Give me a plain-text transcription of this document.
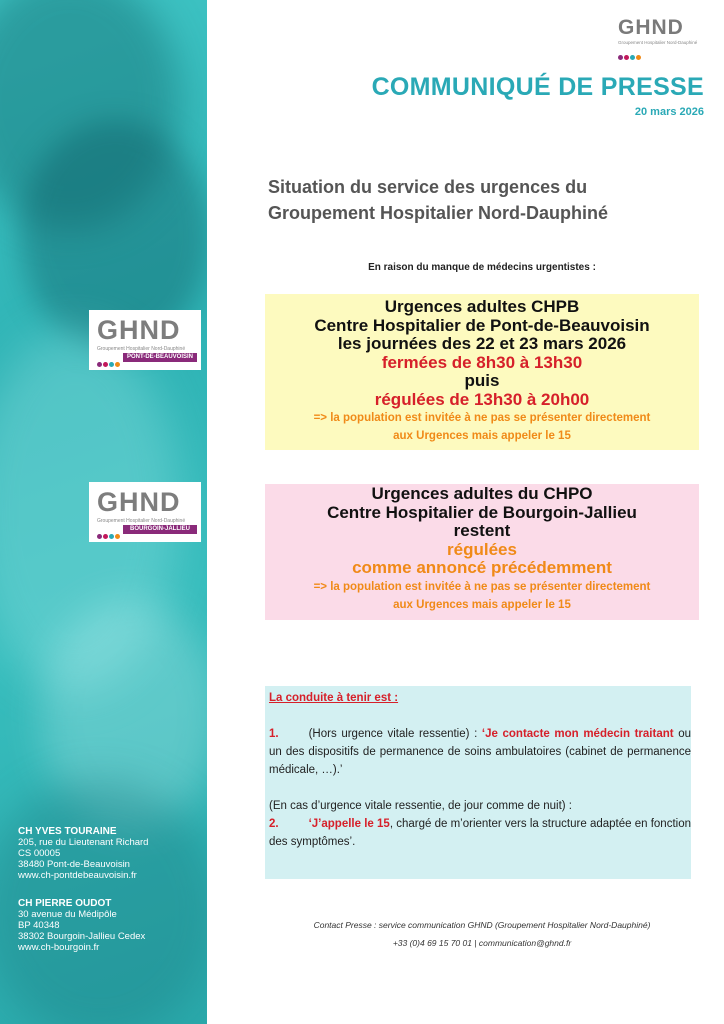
CH YVES TOURAINE
205, rue du Lieutenant Richard
CS 00005
38480 Pont-de-Beauvoisin
www.ch-pontdebeauvoisin.fr
CH PIERRE OUDOT
30 avenue du Médipôle
BP 40348
38302 Bourgoin-Jallieu Cedex
www.ch-bourgoin.fr
GHND
Groupement Hospitalier Nord-Dauphiné
PONT-DE-BEAUVOISIN
GHND
Groupement Hospitalier Nord-Dauphiné
BOURGOIN-JALLIEU
GHND
Groupement Hospitalier Nord-Dauphiné
COMMUNIQUÉ DE PRESSE
20 mars 2026
Situation du service des urgences du
Groupement Hospitalier Nord-Dauphiné
En raison du manque de médecins urgentistes :
Urgences adultes CHPB
Centre Hospitalier de Pont-de-Beauvoisin
les journées des 22 et 23 mars 2026
fermées de 8h30 à 13h30
puis
régulées de 13h30 à 20h00
=> la population est invitée à ne pas se présenter directement
aux Urgences mais appeler le 15
Urgences adultes du CHPO
Centre Hospitalier de Bourgoin-Jallieu
restent
régulées
comme annoncé précédemment
=> la population est invitée à ne pas se présenter directement
aux Urgences mais appeler le 15
La conduite à tenir est :
1.	(Hors urgence vitale ressentie) : ‘Je contacte mon médecin traitant ou un des dispositifs de permanence de soins ambulatoires (cabinet de permanence médicale, …).’
(En cas d’urgence vitale ressentie, de jour comme de nuit) :
2.	‘J’appelle le 15, chargé de m’orienter vers la structure adaptée en fonction des symptômes’.
Contact Presse : service communication GHND (Groupement Hospitalier Nord-Dauphiné)
+33 (0)4 69 15 70 01 | communication@ghnd.fr
